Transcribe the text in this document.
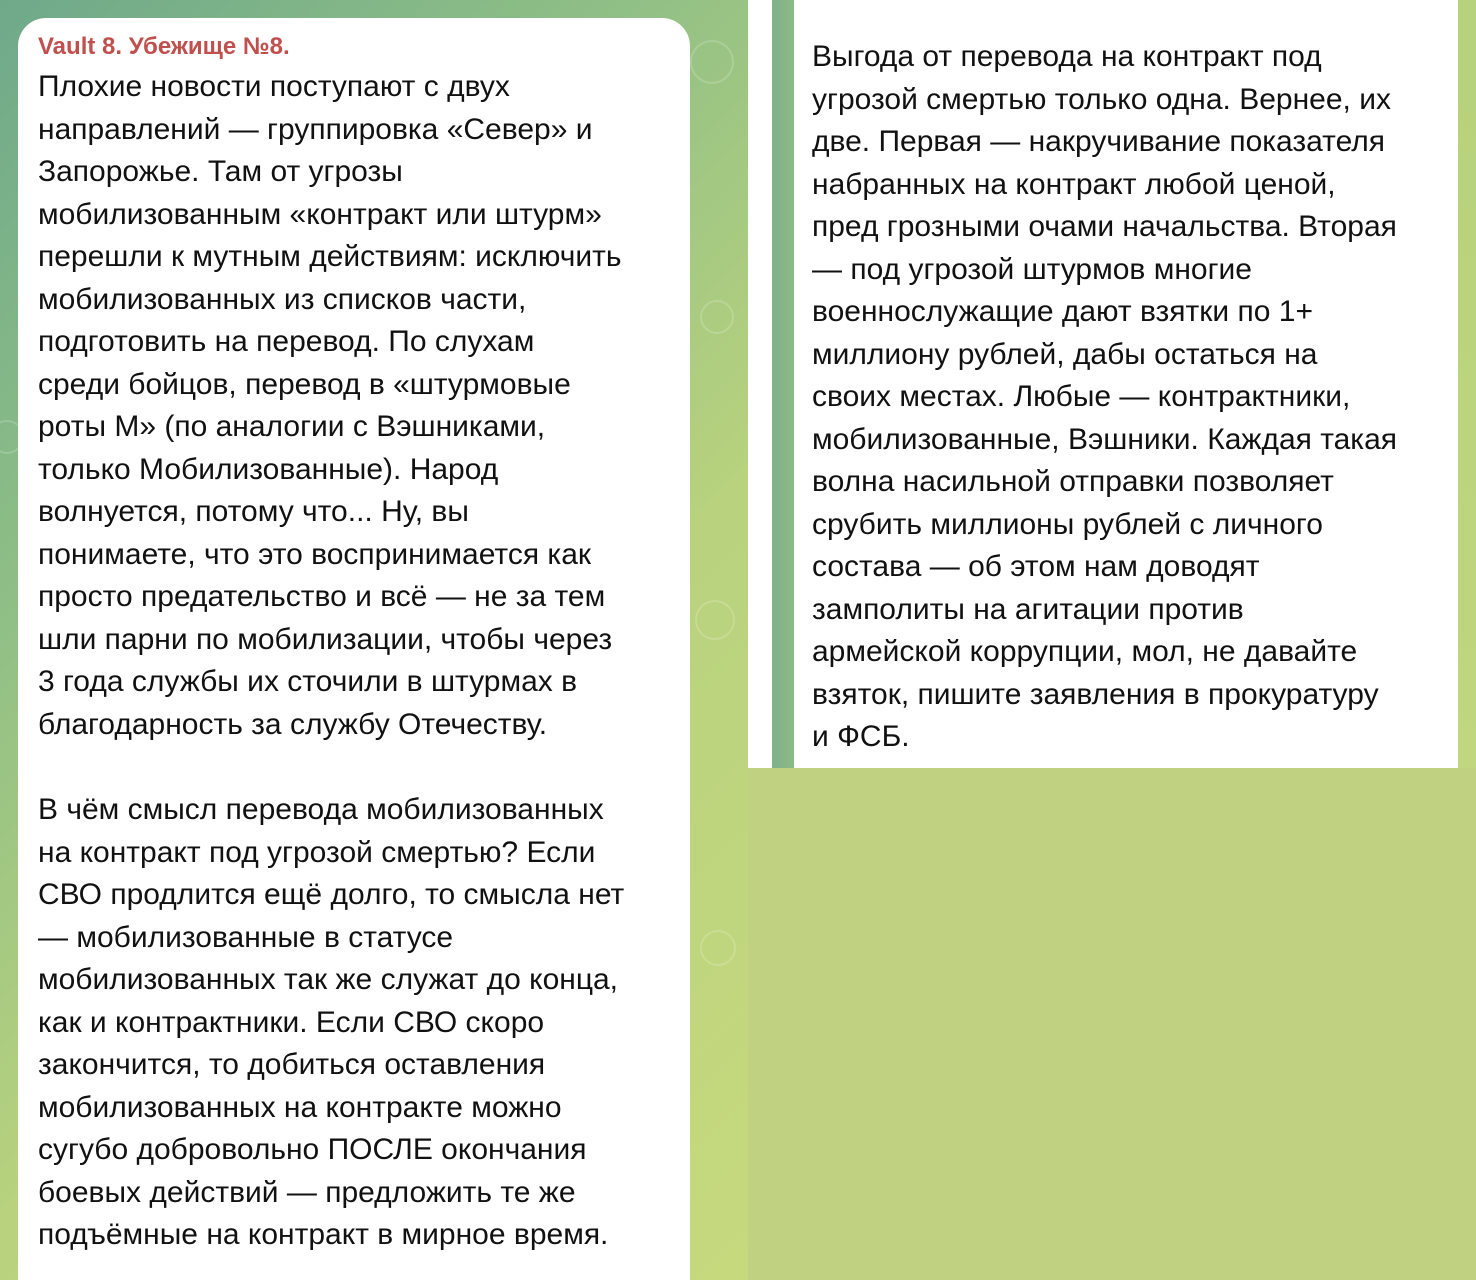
Vault 8. Убежище №8.
Плохие новости поступают с двух
направлений — группировка «Север» и
Запорожье. Там от угрозы
мобилизованным «контракт или штурм»
перешли к мутным действиям: исключить
мобилизованных из списков части,
подготовить на перевод. По слухам
среди бойцов, перевод в «штурмовые
роты М» (по аналогии с Вэшниками,
только Мобилизованные). Народ
волнуется, потому что... Ну, вы
понимаете, что это воспринимается как
просто предательство и всё — не за тем
шли парни по мобилизации, чтобы через
3 года службы их сточили в штурмах в
благодарность за службу Отечеству.
В чём смысл перевода мобилизованных
на контракт под угрозой смертью? Если
СВО продлится ещё долго, то смысла нет
— мобилизованные в статусе
мобилизованных так же служат до конца,
как и контрактники. Если СВО скоро
закончится, то добиться оставления
мобилизованных на контракте можно
сугубо добровольно ПОСЛЕ окончания
боевых действий — предложить те же
подъёмные на контракт в мирное время.
Выгода от перевода на контракт под
угрозой смертью только одна. Вернее, их
две. Первая — накручивание показателя
набранных на контракт любой ценой,
пред грозными очами начальства. Вторая
— под угрозой штурмов многие
военнослужащие дают взятки по 1+
миллиону рублей, дабы остаться на
своих местах. Любые — контрактники,
мобилизованные, Вэшники. Каждая такая
волна насильной отправки позволяет
срубить миллионы рублей с личного
состава — об этом нам доводят
замполиты на агитации против
армейской коррупции, мол, не давайте
взяток, пишите заявления в прокуратуру
и ФСБ.
